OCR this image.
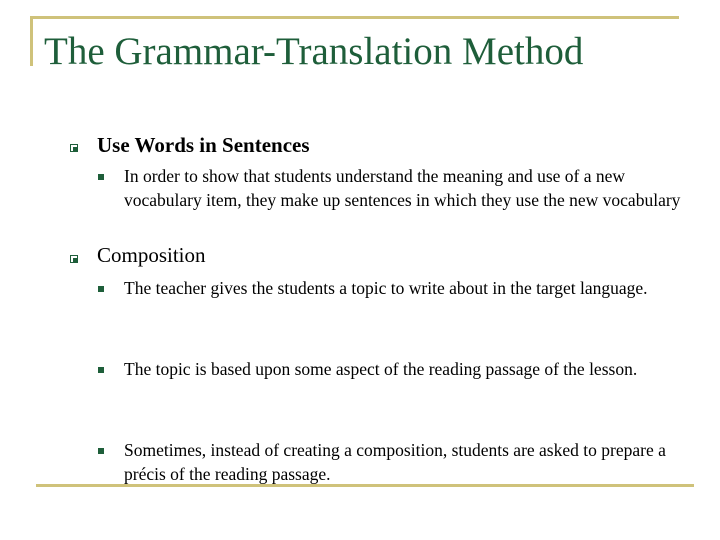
The Grammar-Translation Method
Use Words in Sentences
In order to show that students understand the meaning and use of a new vocabulary item, they make up sentences in which they use the new vocabulary
Composition
The teacher gives the students a topic to write about in the target language.
The topic is based upon some aspect of the reading passage of the lesson.
Sometimes, instead of creating a composition, students are asked to prepare a précis of the reading passage.
